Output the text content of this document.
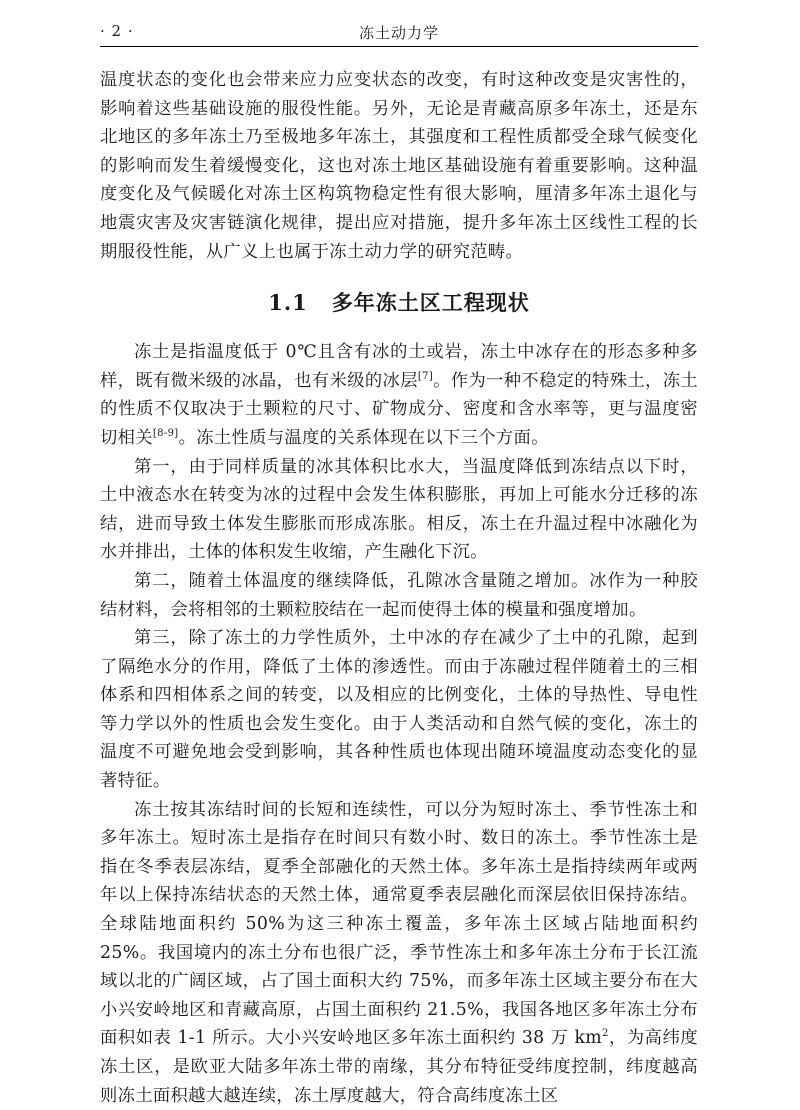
· 2 ·	冻土动力学

温度状态的变化也会带来应力应变状态的改变，有时这种改变是灾害性的，影响着这些基础设施的服役性能。另外，无论是青藏高原多年冻土，还是东北地区的多年冻土乃至极地多年冻土，其强度和工程性质都受全球气候变化的影响而发生着缓慢变化，这也对冻土地区基础设施有着重要影响。这种温度变化及气候暖化对冻土区构筑物稳定性有很大影响，厘清多年冻土退化与地震灾害及灾害链演化规律，提出应对措施，提升多年冻土区线性工程的长期服役性能，从广义上也属于冻土动力学的研究范畴。

1.1 多年冻土区工程现状

冻土是指温度低于 0℃且含有冰的土或岩，冻土中冰存在的形态多种多样，既有微米级的冰晶，也有米级的冰层[7]。作为一种不稳定的特殊土，冻土的性质不仅取决于土颗粒的尺寸、矿物成分、密度和含水率等，更与温度密切相关[8-9]。冻土性质与温度的关系体现在以下三个方面。

第一，由于同样质量的冰其体积比水大，当温度降低到冻结点以下时，土中液态水在转变为冰的过程中会发生体积膨胀，再加上可能水分迁移的冻结，进而导致土体发生膨胀而形成冻胀。相反，冻土在升温过程中冰融化为水并排出，土体的体积发生收缩，产生融化下沉。

第二，随着土体温度的继续降低，孔隙冰含量随之增加。冰作为一种胶结材料，会将相邻的土颗粒胶结在一起而使得土体的模量和强度增加。

第三，除了冻土的力学性质外，土中冰的存在减少了土中的孔隙，起到了隔绝水分的作用，降低了土体的渗透性。而由于冻融过程伴随着土的三相体系和四相体系之间的转变，以及相应的比例变化，土体的导热性、导电性等力学以外的性质也会发生变化。由于人类活动和自然气候的变化，冻土的温度不可避免地会受到影响，其各种性质也体现出随环境温度动态变化的显著特征。

冻土按其冻结时间的长短和连续性，可以分为短时冻土、季节性冻土和多年冻土。短时冻土是指存在时间只有数小时、数日的冻土。季节性冻土是指在冬季表层冻结，夏季全部融化的天然土体。多年冻土是指持续两年或两年以上保持冻结状态的天然土体，通常夏季表层融化而深层依旧保持冻结。全球陆地面积约 50%为这三种冻土覆盖，多年冻土区域占陆地面积约 25%。我国境内的冻土分布也很广泛，季节性冻土和多年冻土分布于长江流域以北的广阔区域，占了国土面积大约 75%，而多年冻土区域主要分布在大小兴安岭地区和青藏高原，占国土面积约 21.5%，我国各地区多年冻土分布面积如表 1-1 所示。大小兴安岭地区多年冻土面积约 38 万 $km^2$，为高纬度冻土区，是欧亚大陆多年冻土带的南缘，其分布特征受纬度控制，纬度越高则冻土面积越大越连续，冻土厚度越大，符合高纬度冻土区
